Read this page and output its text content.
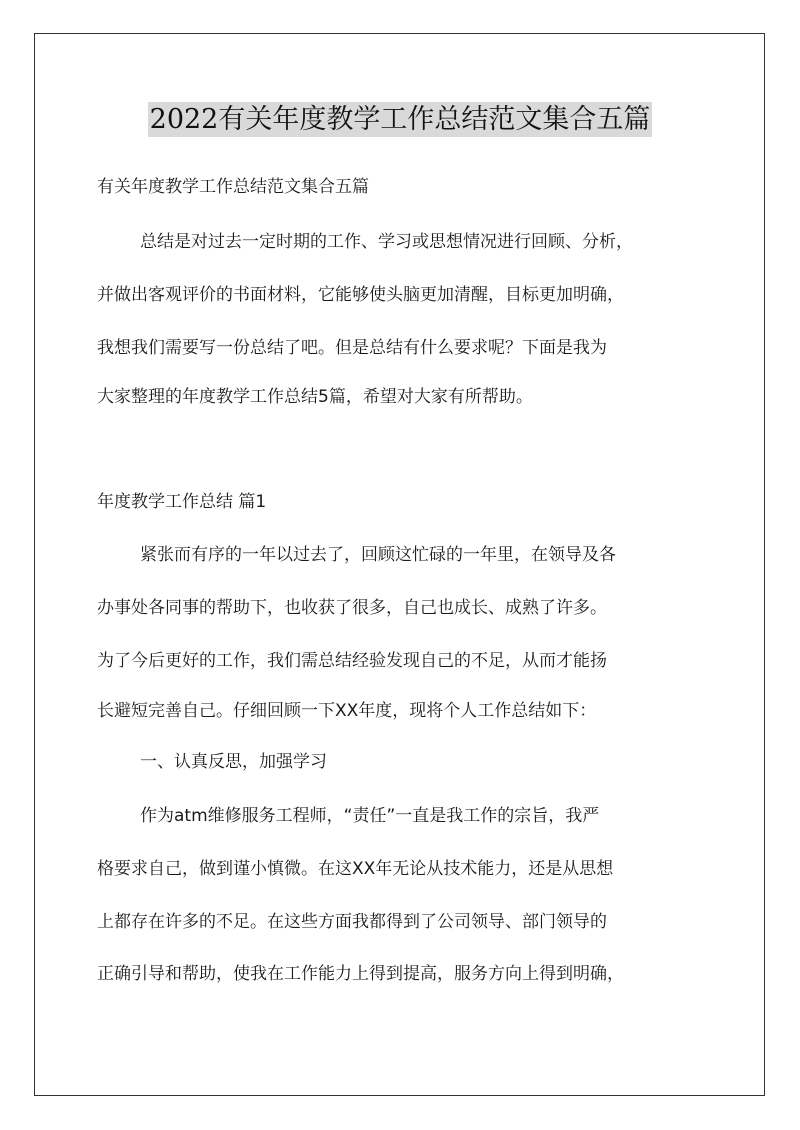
2022有关年度教学工作总结范文集合五篇

有关年度教学工作总结范文集合五篇

总结是对过去一定时期的工作、学习或思想情况进行回顾、分析，

并做出客观评价的书面材料，它能够使头脑更加清醒，目标更加明确，

我想我们需要写一份总结了吧。但是总结有什么要求呢？下面是我为

大家整理的年度教学工作总结5篇，希望对大家有所帮助。

年度教学工作总结 篇1

紧张而有序的一年以过去了，回顾这忙碌的一年里，在领导及各

办事处各同事的帮助下，也收获了很多，自己也成长、成熟了许多。

为了今后更好的工作，我们需总结经验发现自己的不足，从而才能扬

长避短完善自己。仔细回顾一下XX年度，现将个人工作总结如下：

一、认真反思，加强学习

作为atm维修服务工程师，“责任”一直是我工作的宗旨，我严

格要求自己，做到谨小慎微。在这XX年无论从技术能力，还是从思想

上都存在许多的不足。在这些方面我都得到了公司领导、部门领导的

正确引导和帮助，使我在工作能力上得到提高，服务方向上得到明确，
